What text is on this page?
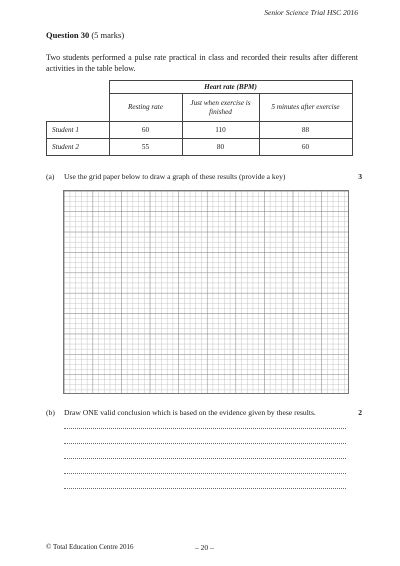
Senior Science Trial HSC 2016
Question 30 (5 marks)
Two students performed a pulse rate practical in class and recorded their results after different activities in the table below.
	Heart rate (BPM)		
	Resting rate	Just when exercise is finished	5 minutes after exercise
Student 1	60	110	88
Student 2	55	80	60
(a) Use the grid paper below to draw a graph of these results (provide a key)	3
(b) Draw ONE valid conclusion which is based on the evidence given by these results.	2
© Total Education Centre 2016	– 20 –
